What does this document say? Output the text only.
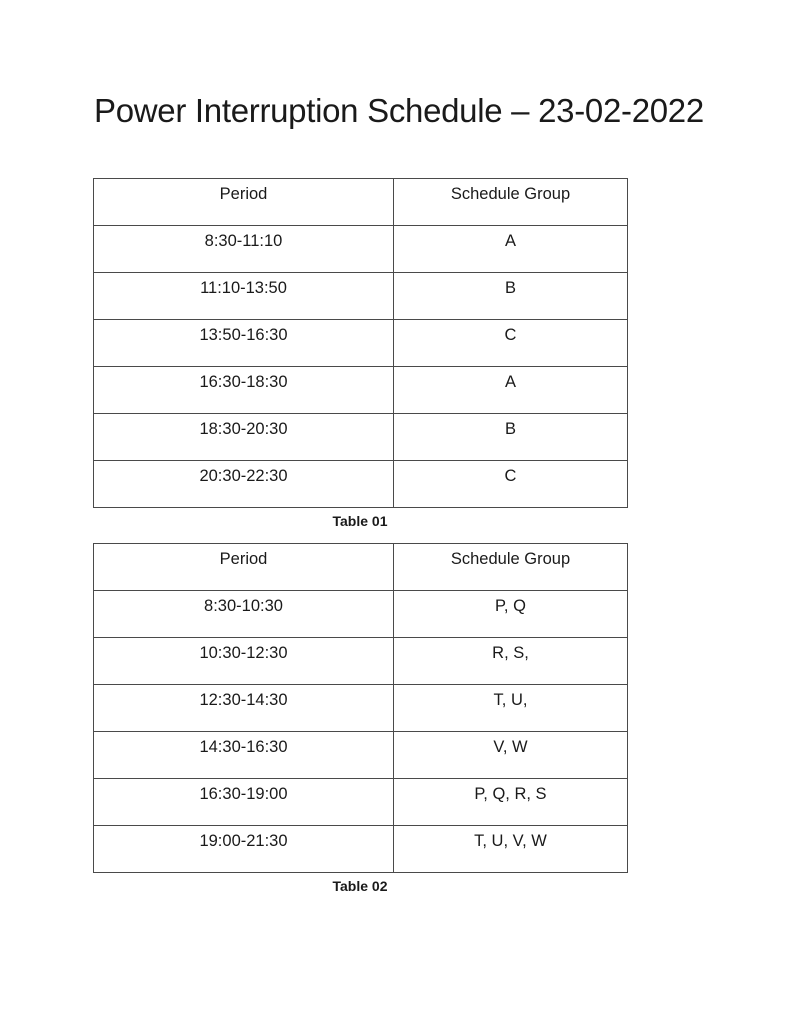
Power Interruption Schedule – 23-02-2022
Period	Schedule Group
8:30-11:10	A
11:10-13:50	B
13:50-16:30	C
16:30-18:30	A
18:30-20:30	B
20:30-22:30	C
Table 01
Period	Schedule Group
8:30-10:30	P, Q
10:30-12:30	R, S,
12:30-14:30	T, U,
14:30-16:30	V, W
16:30-19:00	P, Q, R, S
19:00-21:30	T, U, V, W
Table 02
